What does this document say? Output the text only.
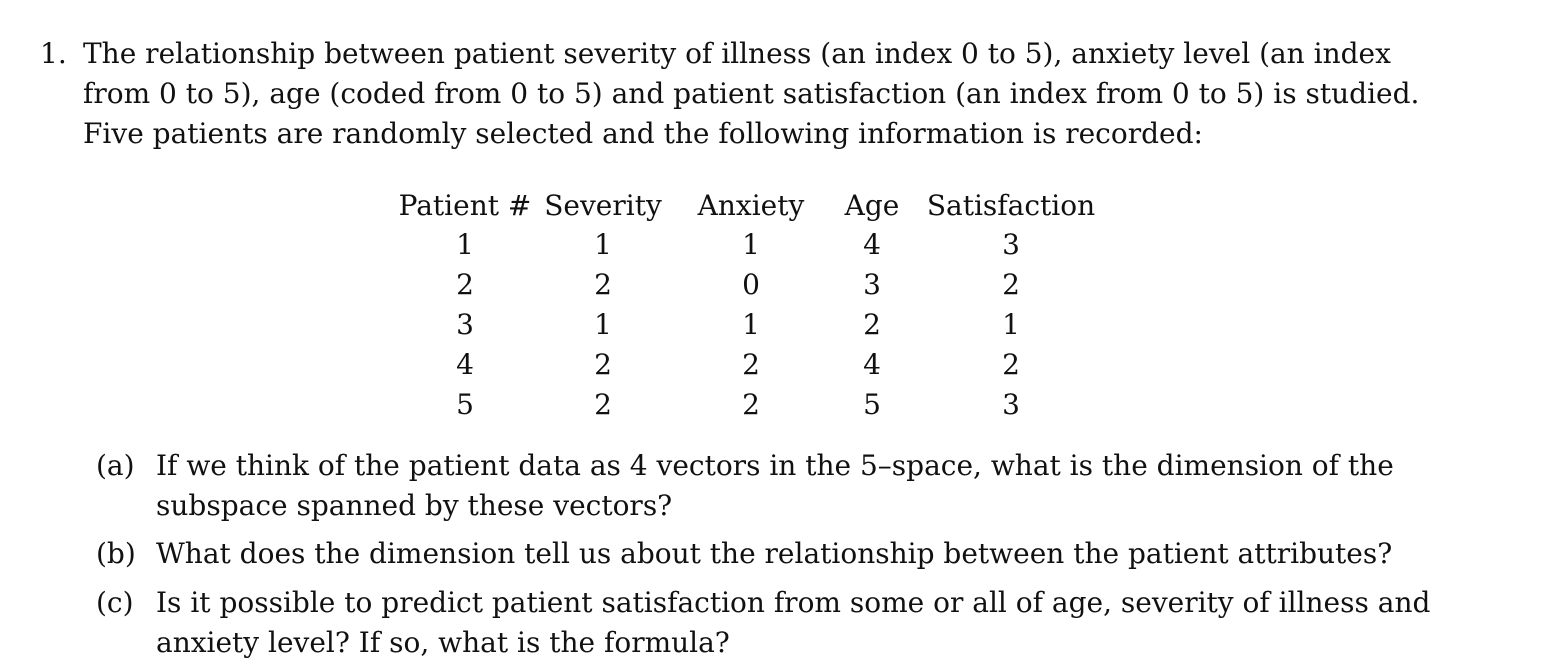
1. The relationship between patient severity of illness (an index 0 to 5), anxiety level (an index
from 0 to 5), age (coded from 0 to 5) and patient satisfaction (an index from 0 to 5) is studied.
Five patients are randomly selected and the following information is recorded:
Patient #	Severity	Anxiety	Age	Satisfaction
1	1	1	4	3
2	2	0	3	2
3	1	1	2	1
4	2	2	4	2
5	2	2	5	3
(a) If we think of the patient data as 4 vectors in the 5–space, what is the dimension of the
subspace spanned by these vectors?
(b) What does the dimension tell us about the relationship between the patient attributes?
(c) Is it possible to predict patient satisfaction from some or all of age, severity of illness and
anxiety level? If so, what is the formula?
